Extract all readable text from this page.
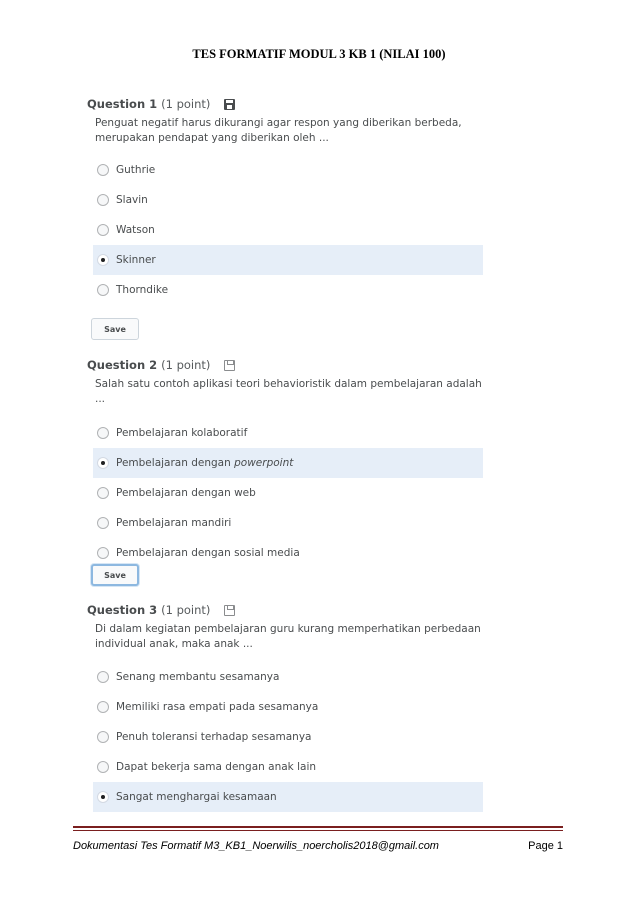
TES FORMATIF MODUL 3 KB 1 (NILAI 100)
Question 1 (1 point)
Penguat negatif harus dikurangi agar respon yang diberikan berbeda, merupakan pendapat yang diberikan oleh ...
Guthrie
Slavin
Watson
Skinner
Thorndike
Save
Question 2 (1 point)
Salah satu contoh aplikasi teori behavioristik dalam pembelajaran adalah ...
Pembelajaran kolaboratif
Pembelajaran dengan powerpoint
Pembelajaran dengan web
Pembelajaran mandiri
Pembelajaran dengan sosial media
Save
Question 3 (1 point)
Di dalam kegiatan pembelajaran guru kurang memperhatikan perbedaan individual anak, maka anak ...
Senang membantu sesamanya
Memiliki rasa empati pada sesamanya
Penuh toleransi terhadap sesamanya
Dapat bekerja sama dengan anak lain
Sangat menghargai kesamaan
Dokumentasi Tes Formatif M3_KB1_Noerwilis_noercholis2018@gmail.com	Page 1
